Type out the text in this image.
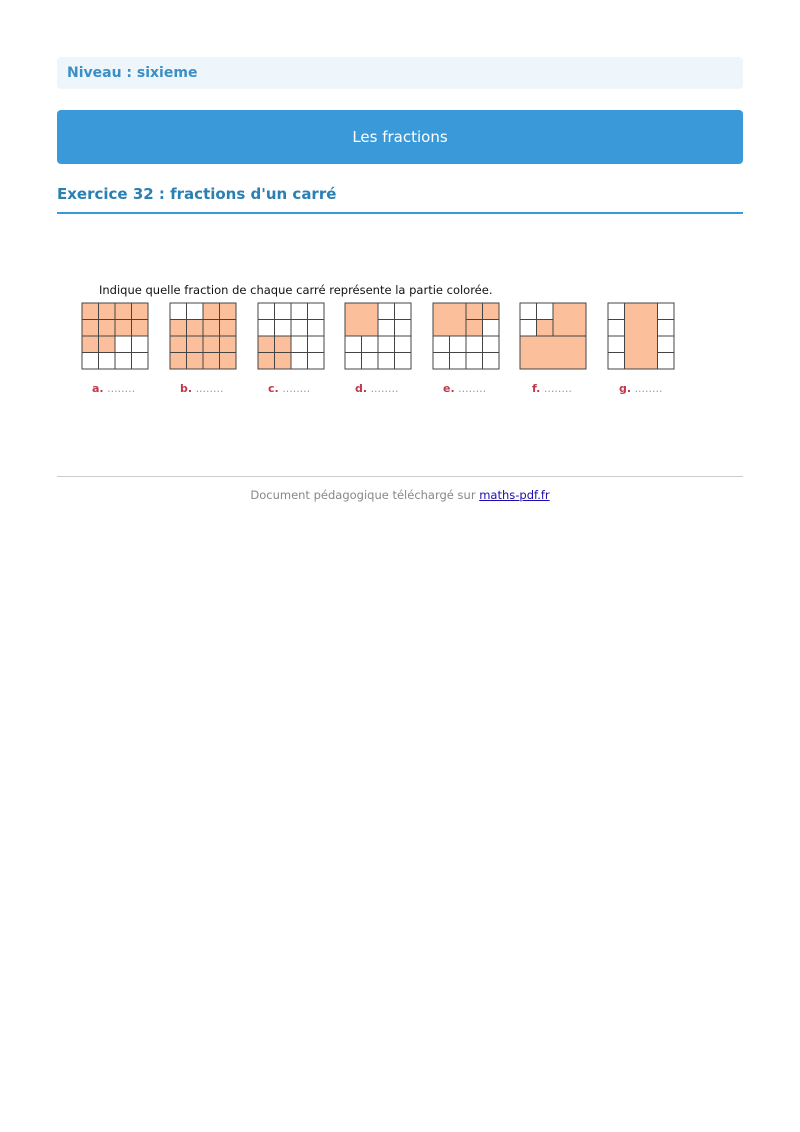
Niveau : sixieme
Les fractions
Exercice 32 : fractions d'un carré
Indique quelle fraction de chaque carré représente la partie colorée.
a. ........	b. ........	c. ........	d. ........	e. ........	f. ........	g. ........
Document pédagogique téléchargé sur maths-pdf.fr
